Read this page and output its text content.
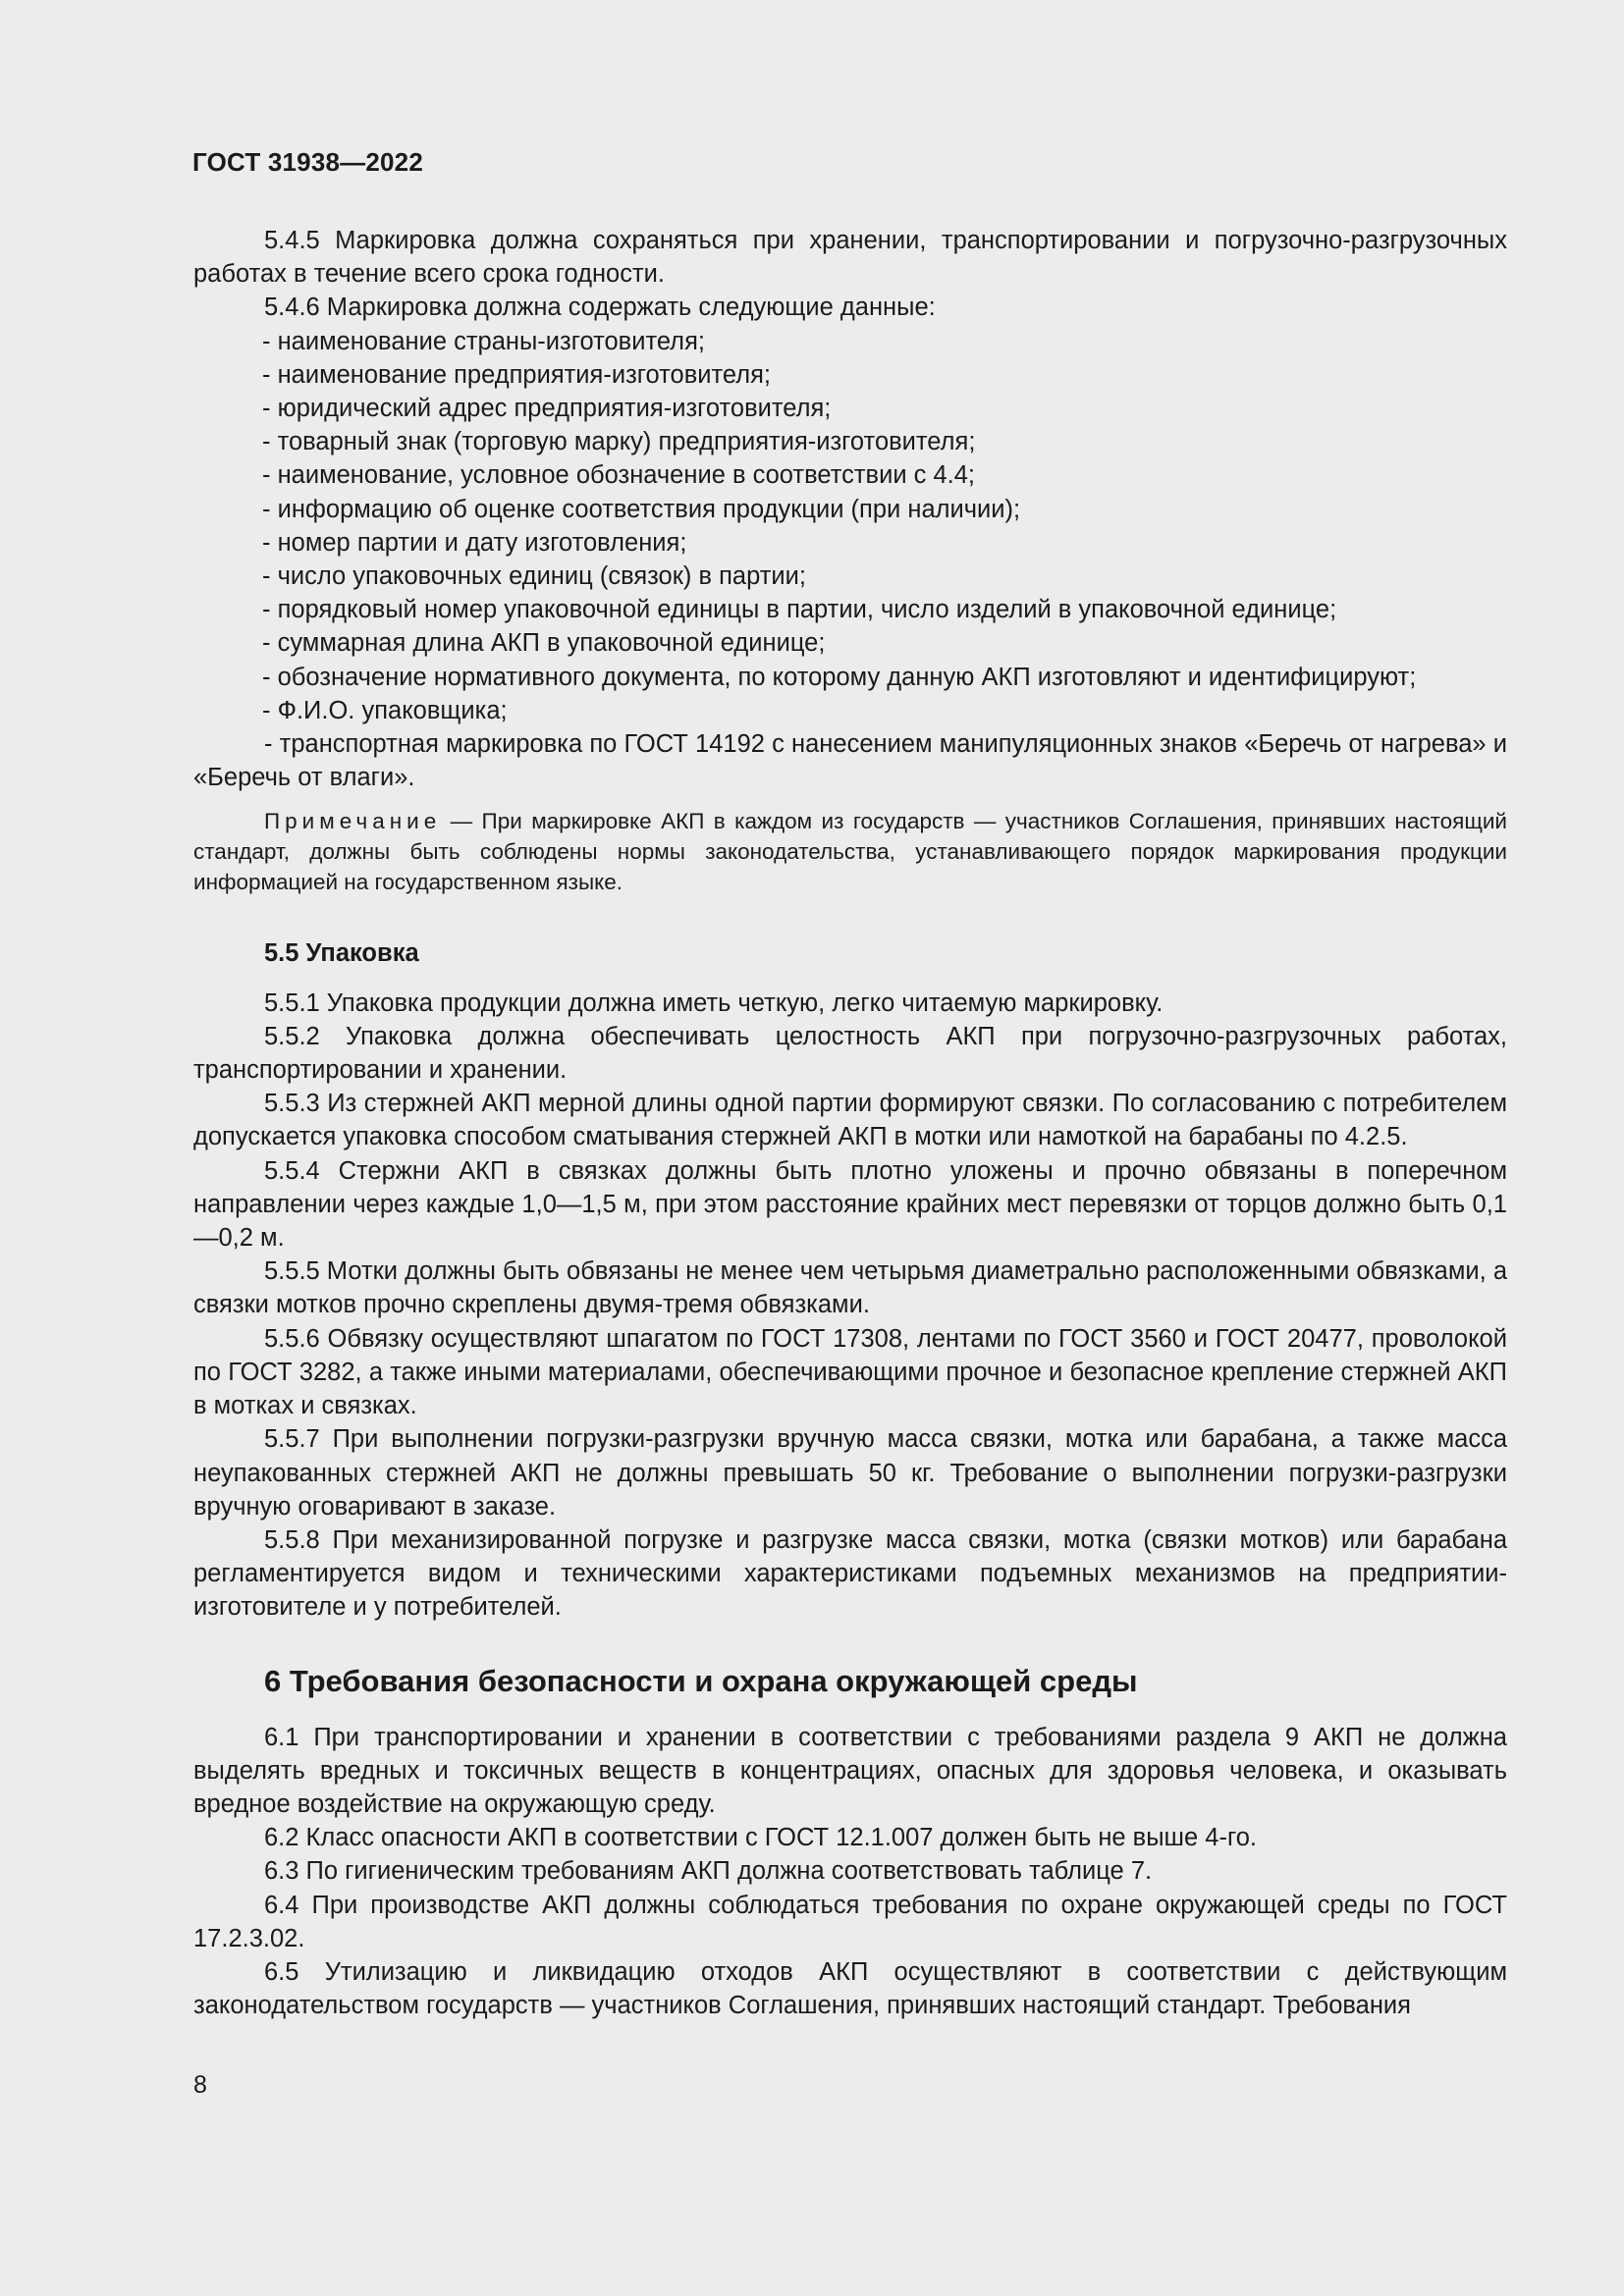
ГОСТ 31938—2022

5.4.5 Маркировка должна сохраняться при хранении, транспортировании и погрузочно-разгрузочных работах в течение всего срока годности.

5.4.6 Маркировка должна содержать следующие данные:

- наименование страны-изготовителя;

- наименование предприятия-изготовителя;

- юридический адрес предприятия-изготовителя;

- товарный знак (торговую марку) предприятия-изготовителя;

- наименование, условное обозначение в соответствии с 4.4;

- информацию об оценке соответствия продукции (при наличии);

- номер партии и дату изготовления;

- число упаковочных единиц (связок) в партии;

- порядковый номер упаковочной единицы в партии, число изделий в упаковочной единице;

- суммарная длина АКП в упаковочной единице;

- обозначение нормативного документа, по которому данную АКП изготовляют и идентифицируют;

- Ф.И.О. упаковщика;

- транспортная маркировка по ГОСТ 14192 с нанесением манипуляционных знаков «Беречь от нагрева» и «Беречь от влаги».

Примечание — При маркировке АКП в каждом из государств — участников Соглашения, принявших настоящий стандарт, должны быть соблюдены нормы законодательства, устанавливающего порядок маркирования продукции информацией на государственном языке.

5.5 Упаковка

5.5.1 Упаковка продукции должна иметь четкую, легко читаемую маркировку.

5.5.2 Упаковка должна обеспечивать целостность АКП при погрузочно-разгрузочных работах, транспортировании и хранении.

5.5.3 Из стержней АКП мерной длины одной партии формируют связки. По согласованию с потребителем допускается упаковка способом сматывания стержней АКП в мотки или намоткой на барабаны по 4.2.5.

5.5.4 Стержни АКП в связках должны быть плотно уложены и прочно обвязаны в поперечном направлении через каждые 1,0—1,5 м, при этом расстояние крайних мест перевязки от торцов должно быть 0,1—0,2 м.

5.5.5 Мотки должны быть обвязаны не менее чем четырьмя диаметрально расположенными обвязками, а связки мотков прочно скреплены двумя-тремя обвязками.

5.5.6 Обвязку осуществляют шпагатом по ГОСТ 17308, лентами по ГОСТ 3560 и ГОСТ 20477, проволокой по ГОСТ 3282, а также иными материалами, обеспечивающими прочное и безопасное крепление стержней АКП в мотках и связках.

5.5.7 При выполнении погрузки-разгрузки вручную масса связки, мотка или барабана, а также масса неупакованных стержней АКП не должны превышать 50 кг. Требование о выполнении погрузки-разгрузки вручную оговаривают в заказе.

5.5.8 При механизированной погрузке и разгрузке масса связки, мотка (связки мотков) или барабана регламентируется видом и техническими характеристиками подъемных механизмов на предприятии-изготовителе и у потребителей.

6 Требования безопасности и охрана окружающей среды

6.1 При транспортировании и хранении в соответствии с требованиями раздела 9 АКП не должна выделять вредных и токсичных веществ в концентрациях, опасных для здоровья человека, и оказывать вредное воздействие на окружающую среду.

6.2 Класс опасности АКП в соответствии с ГОСТ 12.1.007 должен быть не выше 4-го.

6.3 По гигиеническим требованиям АКП должна соответствовать таблице 7.

6.4 При производстве АКП должны соблюдаться требования по охране окружающей среды по ГОСТ 17.2.3.02.

6.5 Утилизацию и ликвидацию отходов АКП осуществляют в соответствии с действующим законодательством государств — участников Соглашения, принявших настоящий стандарт. Требования

8
